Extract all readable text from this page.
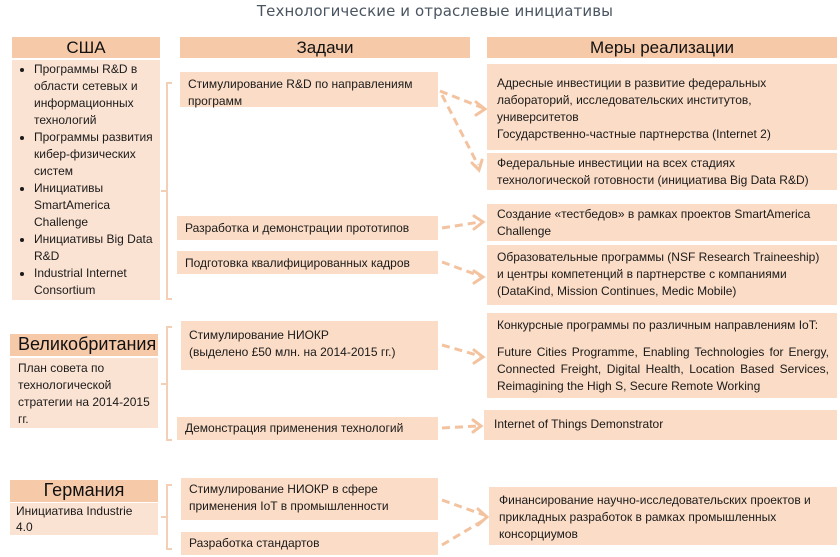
Технологические и отраслевые инициативы
США	Задачи	Меры реализации
• Программы R&D в области сетевых и информационных технологий
• Программы развития кибер-физических систем
• Инициативы SmartAmerica Challenge
• Инициативы Big Data R&D
• Industrial Internet Consortium
Стимулирование R&D по направлениям программ
Разработка и демонстрации прототипов
Подготовка квалифицированных кадров
Адресные инвестиции в развитие федеральных лабораторий, исследовательских институтов, университетов
Государственно-частные партнерства (Internet 2)
Федеральные инвестиции на всех стадиях технологической готовности (инициатива Big Data R&D)
Создание «тестбедов» в рамках проектов SmartAmerica Challenge
Образовательные программы (NSF Research Traineeship) и центры компетенций в партнерстве с компаниями (DataKind, Mission Continues, Medic Mobile)
Великобритания
План совета по технологической стратегии на 2014-2015 гг.
Стимулирование НИОКР
(выделено £50 млн. на 2014-2015 гг.)
Демонстрация применения технологий
Конкурсные программы по различным направлениям IoT:
Future Cities Programme, Enabling Technologies for Energy, Connected Freight, Digital Health, Location Based Services, Reimagining the High S, Secure Remote Working
Internet of Things Demonstrator
Германия
Инициатива Industrie 4.0
Стимулирование НИОКР в сфере применения IoT в промышленности
Разработка стандартов
Финансирование научно-исследовательских проектов и прикладных разработок в рамках промышленных консорциумов
